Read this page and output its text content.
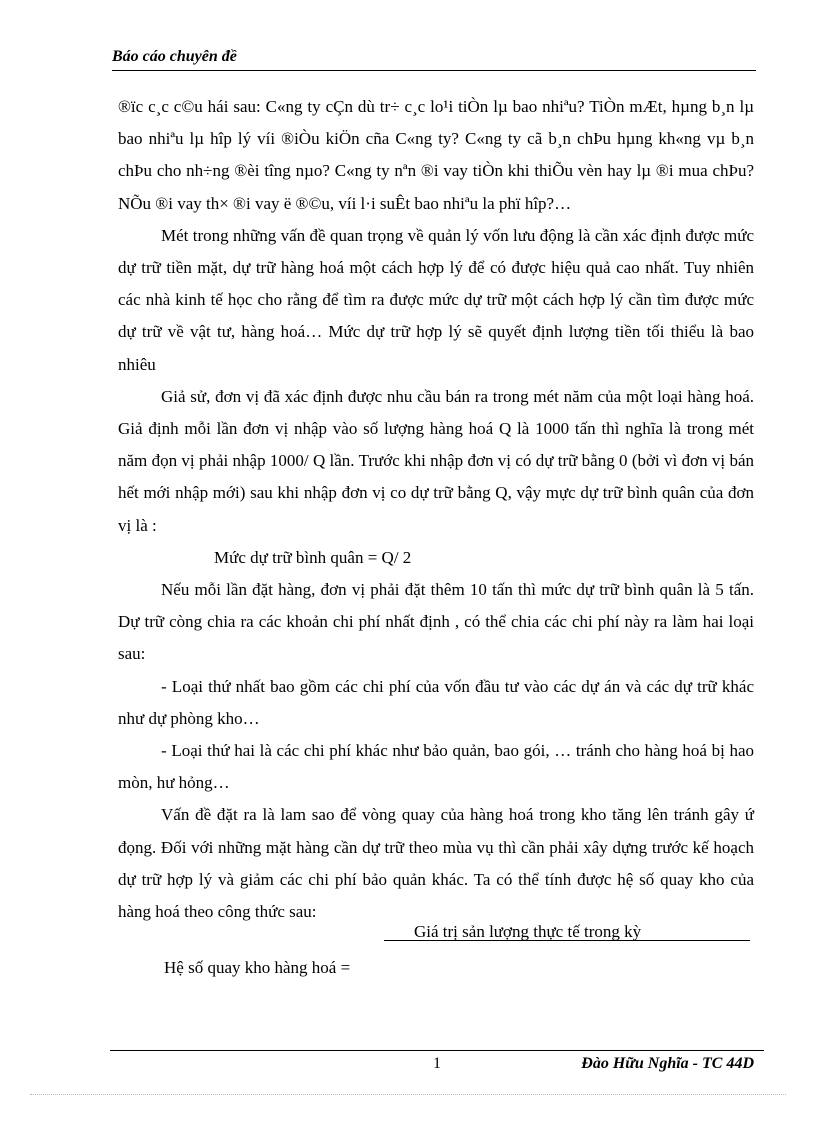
Báo cáo chuyên đề

®ïc c¸c c©u hái sau: C«ng ty cÇn dù tr÷ c¸c lo¹i tiÒn lµ bao nhiªu? TiÒn mÆt, hµng b¸n lµ bao nhiªu lµ hîp lý víi ®iÒu kiÖn cña C«ng ty? C«ng ty cã b¸n chÞu hµng kh«ng vµ b¸n chÞu cho nh÷ng ®èi tîng nµo? C«ng ty nªn ®i vay tiÒn khi thiÕu vèn hay lµ ®i mua chÞu? NÕu ®i vay th× ®i vay ë ®©u, víi l·i suÊt bao nhiªu la phï hîp?…

Mét trong những vấn đề quan trọng về quản lý vốn lưu động là cần xác định được mức dự trữ tiền mặt, dự trữ hàng hoá một cách hợp lý để có được hiệu quả cao nhất. Tuy nhiên các nhà kinh tế học cho rằng để tìm ra được mức dự trữ một cách hợp lý cần tìm được mức dự trữ về vật tư, hàng hoá… Mức dự trữ hợp lý sẽ quyết định lượng tiền tối thiểu là bao nhiêu

Giả sử, đơn vị đã xác định được nhu cầu bán ra trong mét năm của một loại hàng hoá. Giả định mỗi lần đơn vị nhập vào số lượng hàng hoá Q là 1000 tấn thì nghĩa là trong mét năm đọn vị phải nhập 1000/ Q lần. Trước khi nhập đơn vị có dự trữ bằng 0 (bởi vì đơn vị bán hết mới nhập mới) sau khi nhập đơn vị co dự trữ bằng Q, vậy mực dự trữ bình quân của đơn vị là :

Mức dự trữ bình quân = Q/ 2

Nếu mỗi lần đặt hàng, đơn vị phải đặt thêm 10 tấn thì mức dự trữ bình quân là 5 tấn. Dự trữ còng chia ra các khoản chi phí nhất định , có thể chia các chi phí này ra làm hai loại sau:

- Loại thứ nhất bao gồm các chi phí của vốn đầu tư vào các dự án và các dự trữ khác như dự phòng kho…

- Loại thứ hai là các chi phí khác như bảo quản, bao gói, … tránh cho hàng hoá bị hao mòn, hư hỏng…

Vấn đề đặt ra là lam sao để vòng quay của hàng hoá trong kho tăng lên tránh gây ứ đọng. Đối với những mặt hàng cần dự trữ theo mùa vụ thì cần phải xây dựng trước kế hoạch dự trữ hợp lý và giảm các chi phí bảo quản khác. Ta có thể tính được hệ số quay kho của hàng hoá theo công thức sau:

Giá trị sản lượng thực tế trong kỳ
Hệ số quay kho hàng hoá =
1	Đào Hữu Nghĩa - TC 44D
